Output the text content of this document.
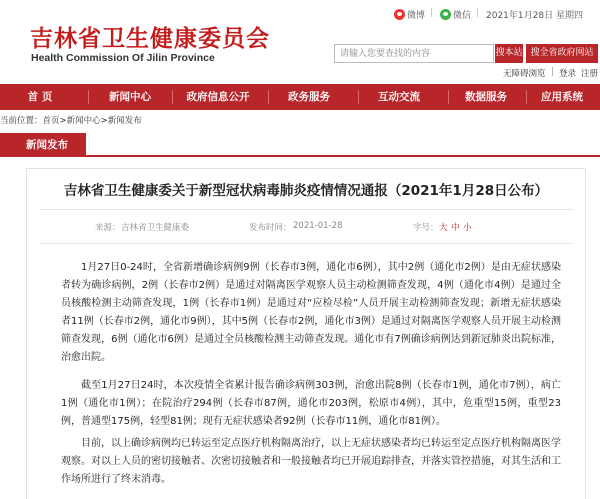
吉林省卫生健康委员会
Health Commission Of Jilin Province
微博 | 微信 | 2021年1月28日 星期四
请输入您要查找的内容
搜本站 搜全省政府网站
无障碍浏览 | 登录 注册
首 页	新闻中心	政府信息公开	政务服务	互动交流	数据服务	应用系统
当前位置：首页>新闻中心>新闻发布
新闻发布
吉林省卫生健康委关于新型冠状病毒肺炎疫情情况通报（2021年1月28日公布）
来源： 吉林省卫生健康委	发布时间： 2021-01-28	字号： 大 中 小

1月27日0-24时，全省新增确诊病例9例（长春市3例，通化市6例），其中2例（通化市2例）是由无症状感染者转为确诊病例，2例（长春市2例）是通过对隔离医学观察人员主动检测筛查发现，4例（通化市4例）是通过全员核酸检测主动筛查发现，1例（长春市1例）是通过对“应检尽检”人员开展主动检测筛查发现；新增无症状感染者11例（长春市2例，通化市9例），其中5例（长春市2例，通化市3例）是通过对隔离医学观察人员开展主动检测筛查发现，6例（通化市6例）是通过全员核酸检测主动筛查发现。通化市有7例确诊病例达到新冠肺炎出院标准，治愈出院。

截至1月27日24时，本次疫情全省累计报告确诊病例303例，治愈出院8例（长春市1例，通化市7例），病亡1例（通化市1例）；在院治疗294例（长春市87例，通化市203例，松原市4例），其中，危重型15例，重型23例，普通型175例，轻型81例；现有无症状感染者92例（长春市11例，通化市81例）。

目前，以上确诊病例均已转运至定点医疗机构隔离治疗，以上无症状感染者均已转运至定点医疗机构隔离医学观察。对以上人员的密切接触者、次密切接触者和一般接触者均已开展追踪排查，并落实管控措施，对其生活和工作场所进行了终末消毒。
